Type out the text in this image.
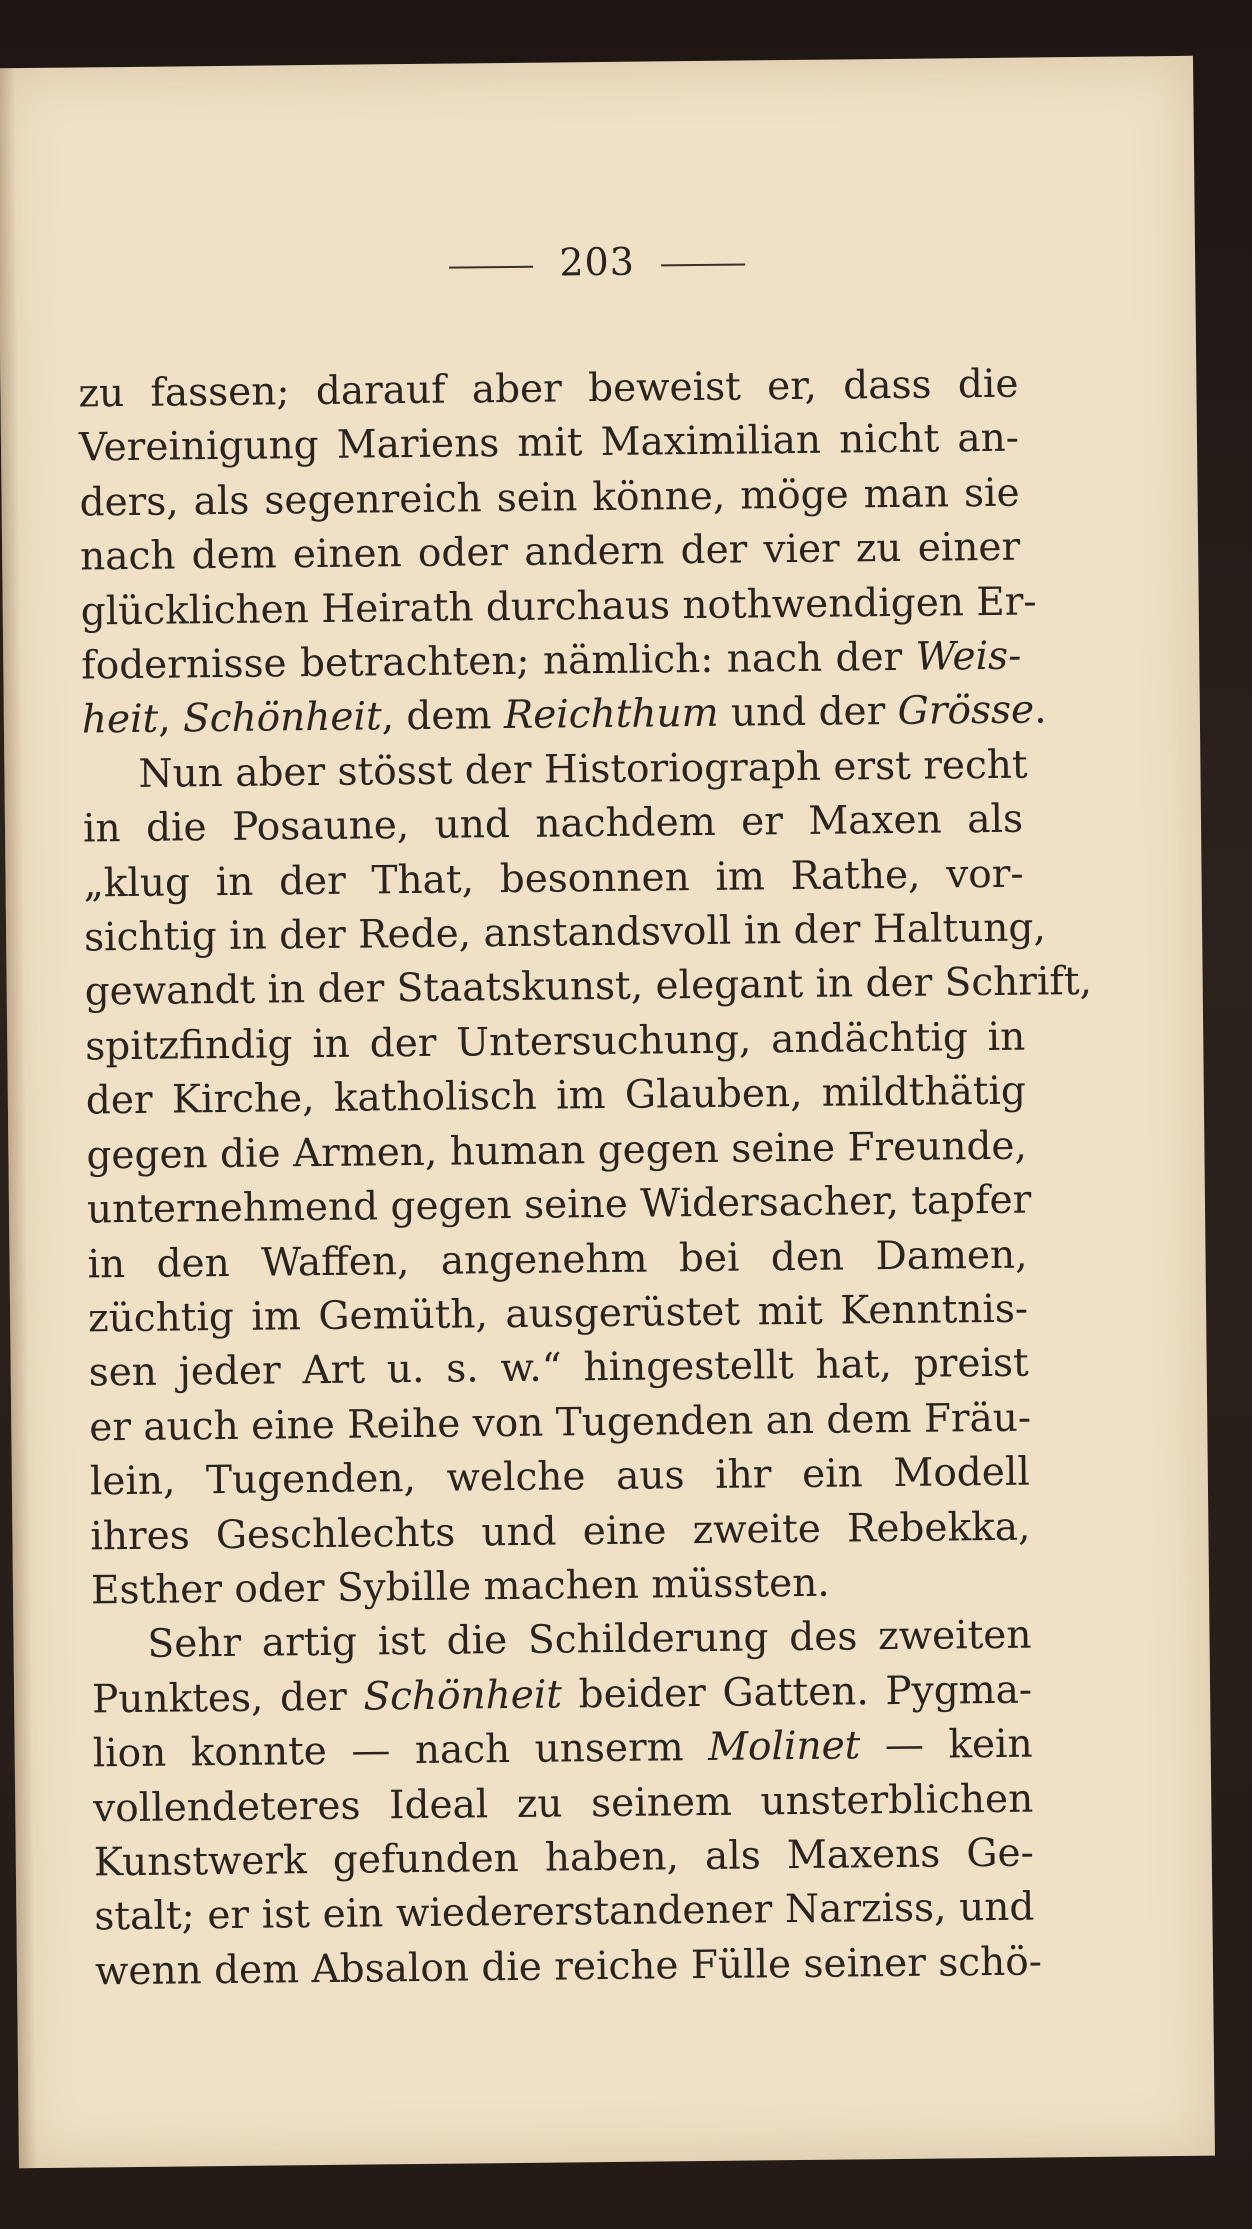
203

zu fassen; darauf aber beweist er, dass die
Vereinigung Mariens mit Maximilian nicht an-
ders, als segenreich sein könne, möge man sie
nach dem einen oder andern der vier zu einer
glücklichen Heirath durchaus nothwendigen Er-
fodernisse betrachten; nämlich: nach der Weis-
heit, Schönheit, dem Reichthum und der Grösse.

Nun aber stösst der Historiograph erst recht
in die Posaune, und nachdem er Maxen als
„klug in der That, besonnen im Rathe, vor-
sichtig in der Rede, anstandsvoll in der Haltung,
gewandt in der Staatskunst, elegant in der Schrift,
spitzfindig in der Untersuchung, andächtig in
der Kirche, katholisch im Glauben, mildthätig
gegen die Armen, human gegen seine Freunde,
unternehmend gegen seine Widersacher, tapfer
in den Waffen, angenehm bei den Damen,
züchtig im Gemüth, ausgerüstet mit Kenntnis-
sen jeder Art u. s. w.“ hingestellt hat, preist
er auch eine Reihe von Tugenden an dem Fräu-
lein, Tugenden, welche aus ihr ein Modell
ihres Geschlechts und eine zweite Rebekka,
Esther oder Sybille machen müssten.

Sehr artig ist die Schilderung des zweiten
Punktes, der Schönheit beider Gatten. Pygma-
lion konnte — nach unserm Molinet — kein
vollendeteres Ideal zu seinem unsterblichen
Kunstwerk gefunden haben, als Maxens Ge-
stalt; er ist ein wiedererstandener Narziss, und
wenn dem Absalon die reiche Fülle seiner schö-
